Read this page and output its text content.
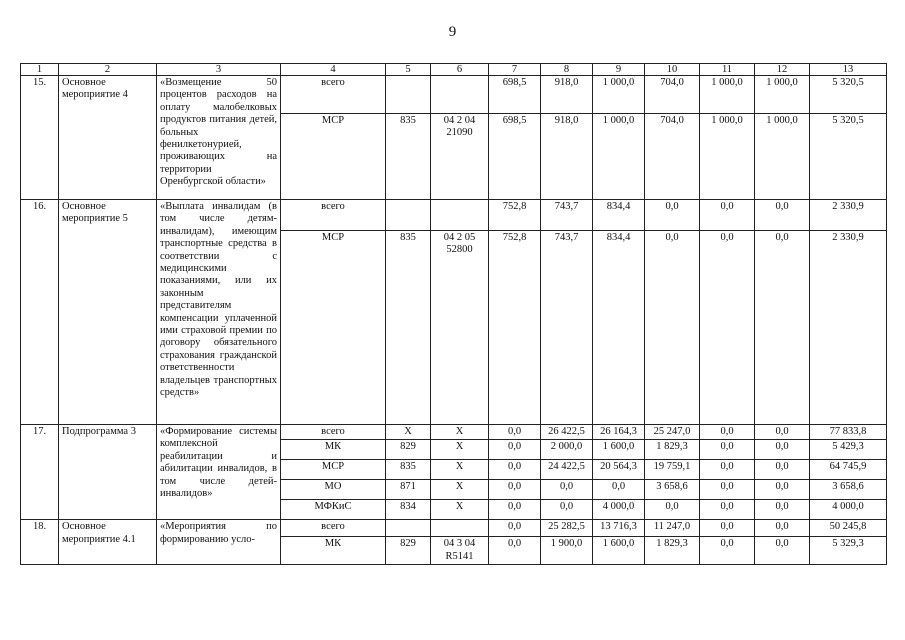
9
1	2	3	4	5	6	7	8	9	10	11	12	13
15.	Основное мероприятие 4	«Возмещение 50 процентов расходов на оплату малобелковых продуктов питания детей, больных фенилкетонурией, проживающих на территории Оренбургской области»	всего			698,5	918,0	1 000,0	704,0	1 000,0	1 000,0	5 320,5
			МСР	835	04 2 04 21090	698,5	918,0	1 000,0	704,0	1 000,0	1 000,0	5 320,5
16.	Основное мероприятие 5	«Выплата инвалидам (в том числе детям-инвалидам), имеющим транспортные средства в соответствии с медицинскими показаниями, или их законным представителям компенсации уплаченной ими страховой премии по договору обязательного страхования гражданской ответственности владельцев транспортных средств»	всего			752,8	743,7	834,4	0,0	0,0	0,0	2 330,9
			МСР	835	04 2 05 52800	752,8	743,7	834,4	0,0	0,0	0,0	2 330,9
17.	Подпрограмма 3	«Формирование системы комплексной реабилитации и абилитации инвалидов, в том числе детей-инвалидов»	всего	Х	Х	0,0	26 422,5	26 164,3	25 247,0	0,0	0,0	77 833,8
			МК	829	Х	0,0	2 000,0	1 600,0	1 829,3	0,0	0,0	5 429,3
			МСР	835	Х	0,0	24 422,5	20 564,3	19 759,1	0,0	0,0	64 745,9
			МО	871	Х	0,0	0,0	0,0	3 658,6	0,0	0,0	3 658,6
			МФКиС	834	Х	0,0	0,0	4 000,0	0,0	0,0	0,0	4 000,0
18.	Основное мероприятие 4.1	«Мероприятия по формированию усло-	всего			0,0	25 282,5	13 716,3	11 247,0	0,0	0,0	50 245,8
			МК	829	04 3 04 R5141	0,0	1 900,0	1 600,0	1 829,3	0,0	0,0	5 329,3
